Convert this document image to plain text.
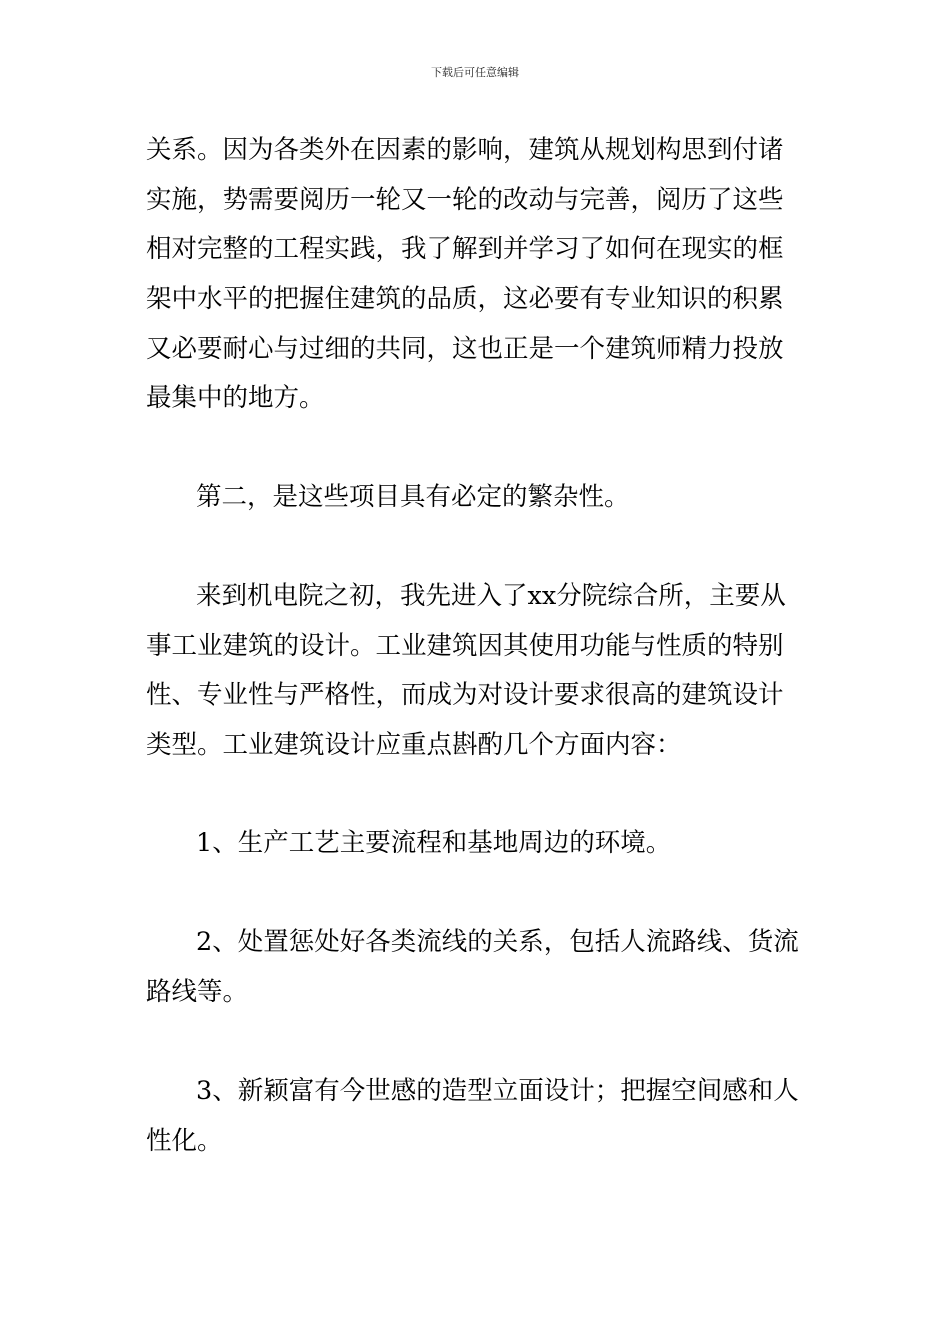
下载后可任意编辑
关系。因为各类外在因素的影响，建筑从规划构思到付诸
实施，势需要阅历一轮又一轮的改动与完善，阅历了这些
相对完整的工程实践，我了解到并学习了如何在现实的框
架中水平的把握住建筑的品质，这必要有专业知识的积累
又必要耐心与过细的共同，这也正是一个建筑师精力投放
最集中的地方。
第二，是这些项目具有必定的繁杂性。
来到机电院之初，我先进入了xx分院综合所，主要从
事工业建筑的设计。工业建筑因其使用功能与性质的特别
性、专业性与严格性，而成为对设计要求很高的建筑设计
类型。工业建筑设计应重点斟酌几个方面内容：
1、生产工艺主要流程和基地周边的环境。
2、处置惩处好各类流线的关系，包括人流路线、货流
路线等。
3、新颖富有今世感的造型立面设计；把握空间感和人
性化。
